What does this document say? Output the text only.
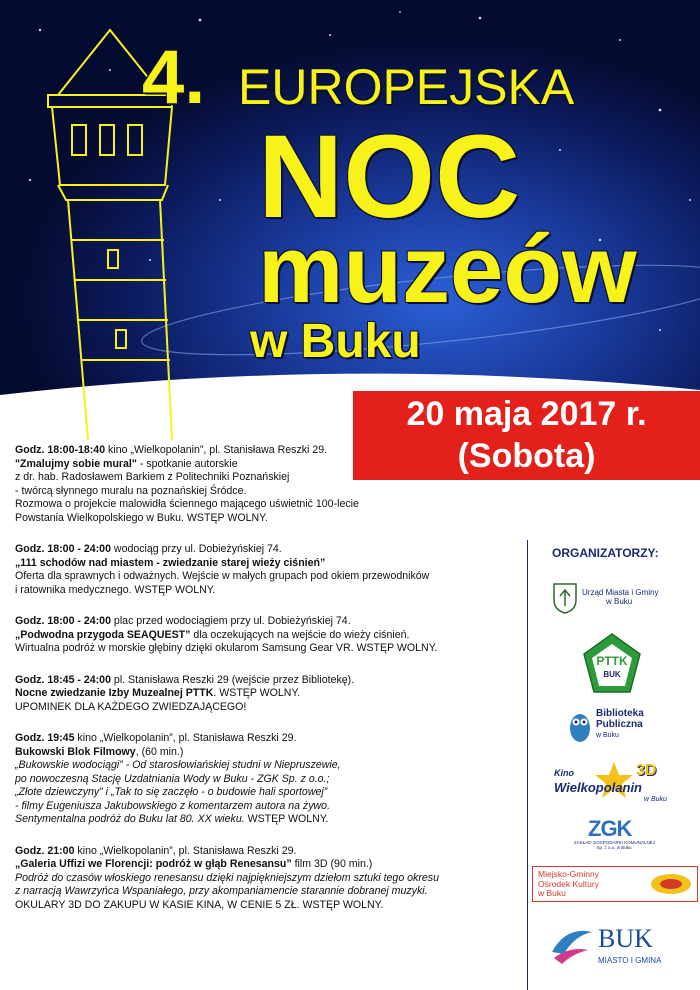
4. EUROPEJSKA
NOC
muzeów
w Buku
20 maja 2017 r.
(Sobota)
Godz. 18:00-18:40 kino „Wielkopolanin”, pl. Stanisława Reszki 29.
"Zmalujmy sobie mural" - spotkanie autorskie
z dr. hab. Radosławem Barkiem z Politechniki Poznańskiej
- twórcą słynnego muralu na poznańskiej Śródce.
Rozmowa o projekcie malowidła ściennego mającego uświetnić 100-lecie
Powstania Wielkopolskiego w Buku. WSTĘP WOLNY.
Godz. 18:00 - 24:00 wodociąg przy ul. Dobieżyńskiej 74.
„111 schodów nad miastem - zwiedzanie starej wieży ciśnień”
Oferta dla sprawnych i odważnych. Wejście w małych grupach pod okiem przewodników
i ratownika medycznego. WSTĘP WOLNY.
Godz. 18:00 - 24:00 plac przed wodociągiem przy ul. Dobieżyńskiej 74.
„Podwodna przygoda SEAQUEST” dla oczekujących na wejście do wieży ciśnień.
Wirtualna podróż w morskie głębiny dzięki okularom Samsung Gear VR. WSTĘP WOLNY.
Godz. 18:45 - 24:00 pl. Stanisława Reszki 29 (wejście przez Bibliotekę).
Nocne zwiedzanie Izby Muzealnej PTTK. WSTĘP WOLNY.
UPOMINEK DLA KAŻDEGO ZWIEDZAJĄCEGO!
Godz. 19:45 kino „Wielkopolanin”, pl. Stanisława Reszki 29.
Bukowski Blok Filmowy, (60 min.)
„Bukowskie wodociągi” - Od starosłowiańskiej studni w Niepruszewie,
po nowoczesną Stację Uzdatniania Wody w Buku - ZGK Sp. z o.o.;
„Złote dziewczyny” i „Tak to się zaczęło - o budowie hali sportowej”
- filmy Eugeniusza Jakubowskiego z komentarzem autora na żywo.
Sentymentalna podróż do Buku lat 80. XX wieku. WSTĘP WOLNY.
Godz. 21:00 kino „Wielkopolanin”, pl. Stanisława Reszki 29.
„Galeria Uffizi we Florencji: podróż w głąb Renesansu” film 3D (90 min.)
Podróż do czasów włoskiego renesansu dzięki najpiękniejszym dziełom sztuki tego okresu
z narracją Wawrzyńca Wspaniałego, przy akompaniamencie starannie dobranej muzyki.
OKULARY 3D DO ZAKUPU W KASIE KINA, W CENIE 5 ZŁ. WSTĘP WOLNY.
ORGANIZATORZY:
Urząd Miasta i Gminy
w Buku
PTTK
BUK
Biblioteka
Publiczna
w Buku
Kino
Wielkopolanin
3D
w Buku
ZGK
ZAKŁAD GOSPODARKI KOMUNALNEJ
Sp. z o.o. w Buku
Miejsko-Gminny
Ośrodek Kultury
w Buku
BUK
MIASTO I GMINA
